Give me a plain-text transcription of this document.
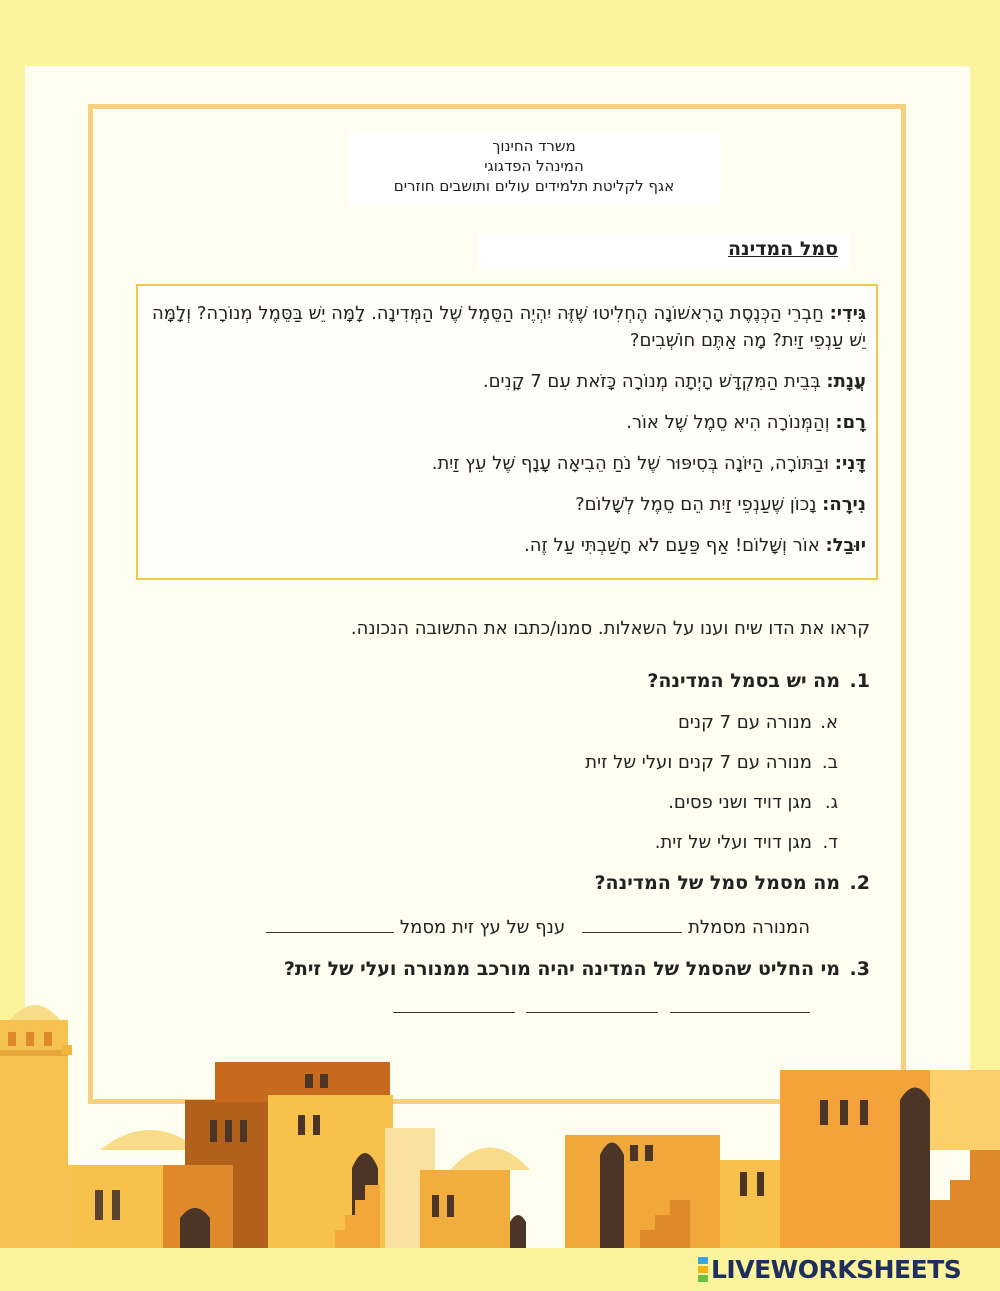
משרד החינוך
המינהל הפדגוגי
אגף לקליטת תלמידים עולים ותושבים חוזרים
סמל המדינה
גִּידִי: חַבְרֵי הַכְּנֶסֶת הָרִאשׁוֹנָה הֶחְלִיטוּ שֶׁזֶּה יִהְיֶה הַסֵּמֶל שֶׁל הַמְּדִינָה. לָמָּה יֵשׁ בַּסֵּמֶל מְנוֹרָה? וְלָמָּה יֵשׁ עַנְפֵי זַיִת? מָה אַתֶּם חוֹשְׁבִים?
עֲנָת: בְּבֵית הַמִּקְדָּשׁ הָיְתָה מְנוֹרָה כָּזֹאת עִם 7 קָנִים.
רָם: וְהַמְּנוֹרָה הִיא סֵמֶל שֶׁל אוֹר.
דָּנִי: וּבַתּוֹרָה, הַיּוֹנָה בְּסִיפּוּר שֶׁל נֹחַ הֵבִיאָה עָנָף שֶׁל עֵץ זַיִת.
נִירָה: נָכוֹן שֶׁעַנְפֵי זַיִת הֵם סֵמֶל לְשָׁלוֹם?
יוּבַל: אוֹר וְשָׁלוֹם! אַף פַּעַם לֹא חָשַׁבְתִּי עַל זֶה.
קראו את הדו שיח וענו על השאלות. סמנו/כתבו את התשובה הנכונה.
1.
מה יש בסמל המדינה?
א.
מנורה עם 7 קנים
ב.
מנורה עם 7 קנים ועלי של זית
ג.
מגן דויד ושני פסים.
ד.
מגן דויד ועלי של זית.
2.
מה מסמל סמל של המדינה?
המנורה מסמלת    ענף של עץ זית מסמל
3.
מי החליט שהסמל של המדינה יהיה מורכב ממנורה ועלי של זית?

LIVEWORKSHEETS
